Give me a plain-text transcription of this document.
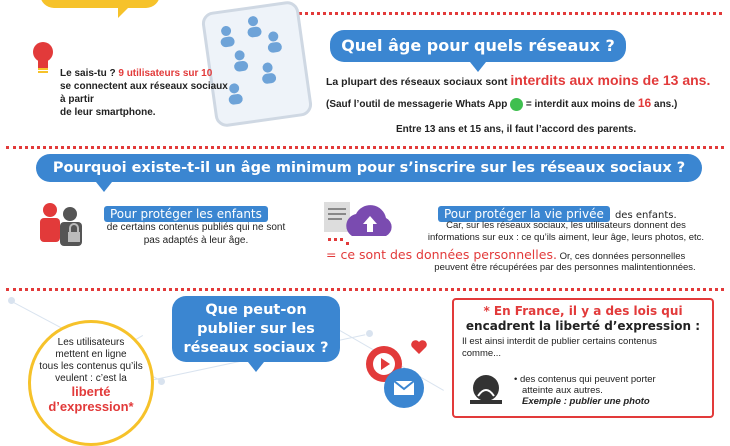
Le sais-tu ? 9 utilisateurs sur 10
se connectent aux réseaux sociaux à partir
de leur smartphone.
Quel âge pour quels réseaux ?
La plupart des réseaux sociaux sont interdits aux moins de 13 ans.
(Sauf l’outil de messagerie Whats App = interdit aux moins de 16 ans.)
Entre 13 ans et 15 ans, il faut l’accord des parents.
Pourquoi existe-t-il un âge minimum pour s’inscrire sur les réseaux sociaux ?
Pour protéger les enfants
de certains contenus publiés qui ne sont
pas adaptés à leur âge.
Pour protéger la vie privée des enfants.
Car, sur les réseaux sociaux, les utilisateurs donnent des
informations sur eux : ce qu’ils aiment, leur âge, leurs photos, etc.
= ce sont des données personnelles. Or, ces données personnelles
peuvent être récupérées par des personnes malintentionnées.
Que peut-on
publier sur les
réseaux sociaux ?
Les utilisateurs
mettent en ligne
tous les contenus qu’ils
veulent : c’est la
liberté
d’expression*
* En France, il y a des lois qui
encadrent la liberté d’expression :
Il est ainsi interdit de publier certains contenus
comme...
• des contenus qui peuvent porter
atteinte aux autres.
Exemple : publier une photo
